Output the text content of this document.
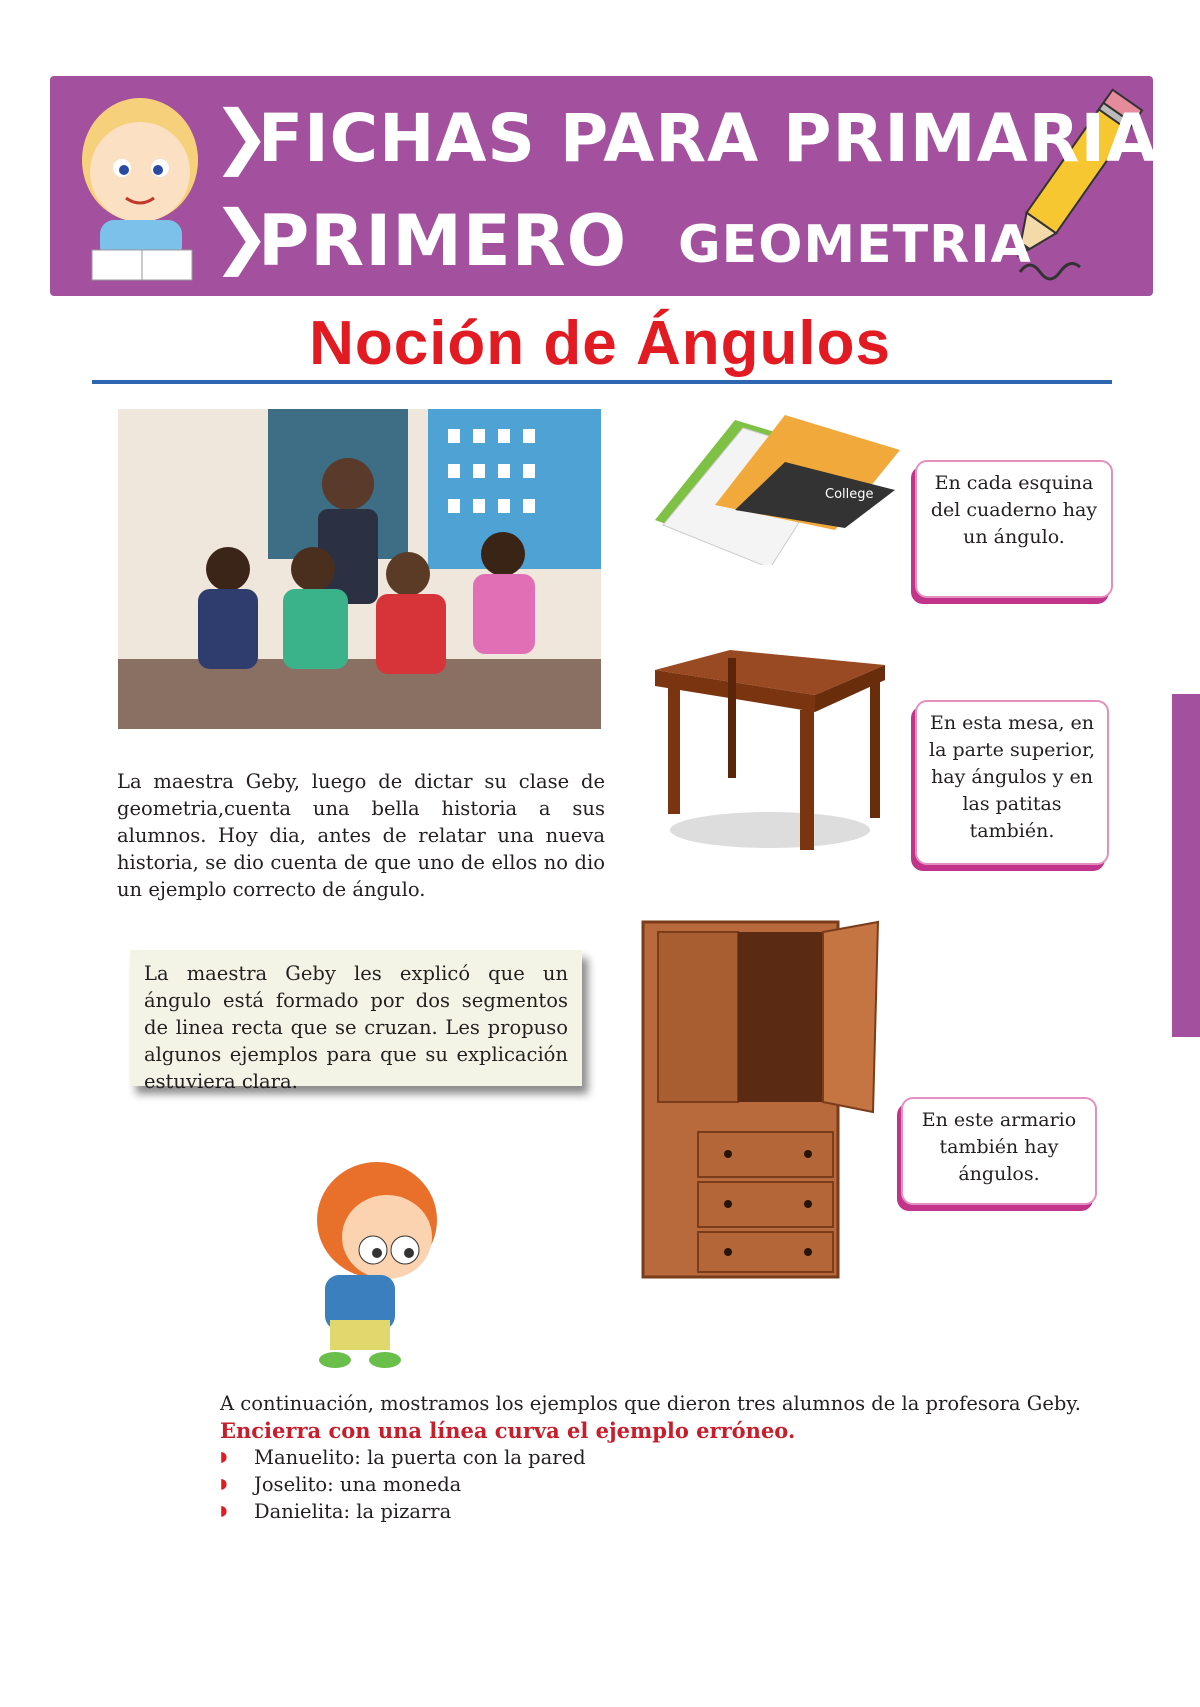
❯
FICHAS PARA PRIMARIA
❯
PRIMERO GEOMETRIA
Noción de Ángulos
La maestra Geby, luego de dictar su clase de geometria,cuenta una bella historia a sus alumnos. Hoy dia, antes de relatar una nueva historia, se dio cuenta de que uno de ellos no dio un ejemplo correcto de ángulo.
La maestra Geby les explicó que un ángulo está formado por dos segmentos de linea recta que se cruzan. Les propuso algunos ejemplos para que su explicación estuviera clara.
College
En cada esquina del cuaderno hay un ángulo.
En esta mesa, en la parte superior, hay ángulos y en las patitas también.
En este armario también hay ángulos.
A continuación, mostramos los ejemplos que dieron tres alumnos de la profesora Geby.
Encierra con una línea curva el ejemplo erróneo.
◗	Manuelito: la puerta con la pared
◗	Joselito: una moneda
◗	Danielita: la pizarra
